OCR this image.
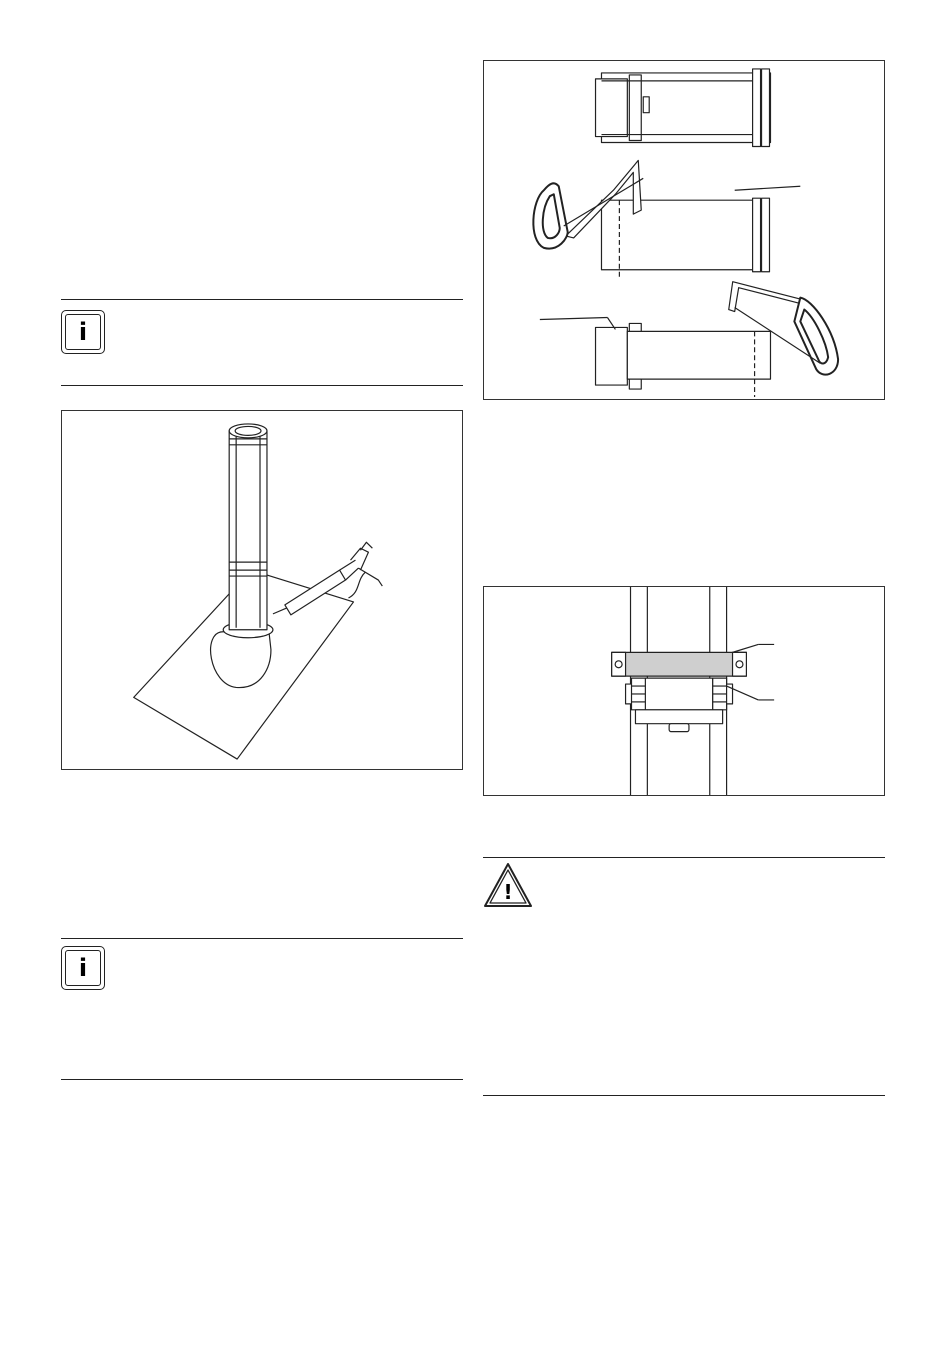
i
i
!
